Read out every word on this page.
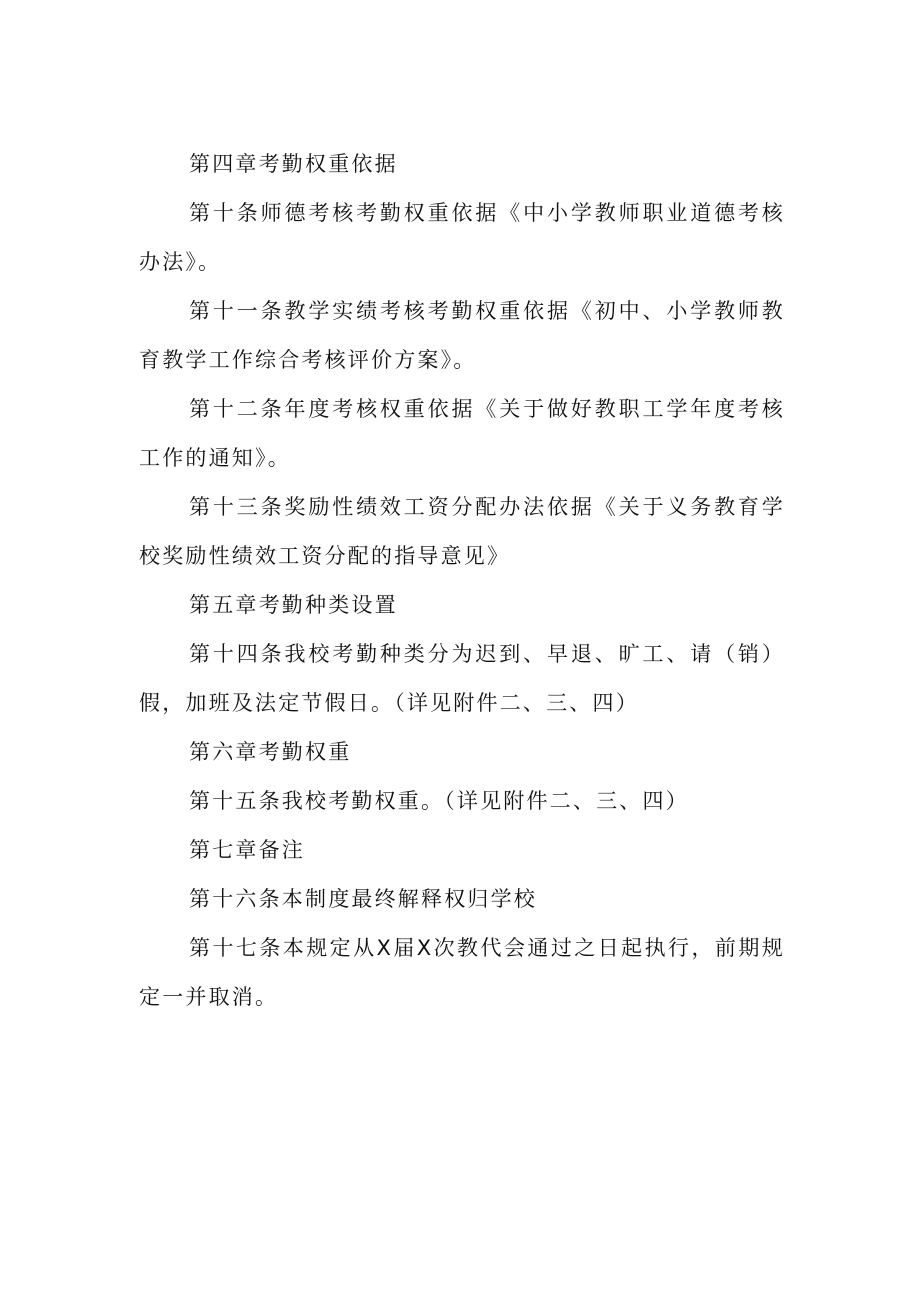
第四章考勤权重依据

第十条师德考核考勤权重依据《中小学教师职业道德考核办法》。

第十一条教学实绩考核考勤权重依据《初中、小学教师教育教学工作综合考核评价方案》。

第十二条年度考核权重依据《关于做好教职工学年度考核工作的通知》。

第十三条奖励性绩效工资分配办法依据《关于义务教育学校奖励性绩效工资分配的指导意见》

第五章考勤种类设置

第十四条我校考勤种类分为迟到、早退、旷工、请（销）假，加班及法定节假日。（详见附件二、三、四）

第六章考勤权重

第十五条我校考勤权重。（详见附件二、三、四）

第七章备注

第十六条本制度最终解释权归学校

第十七条本规定从X届X次教代会通过之日起执行，前期规定一并取消。
